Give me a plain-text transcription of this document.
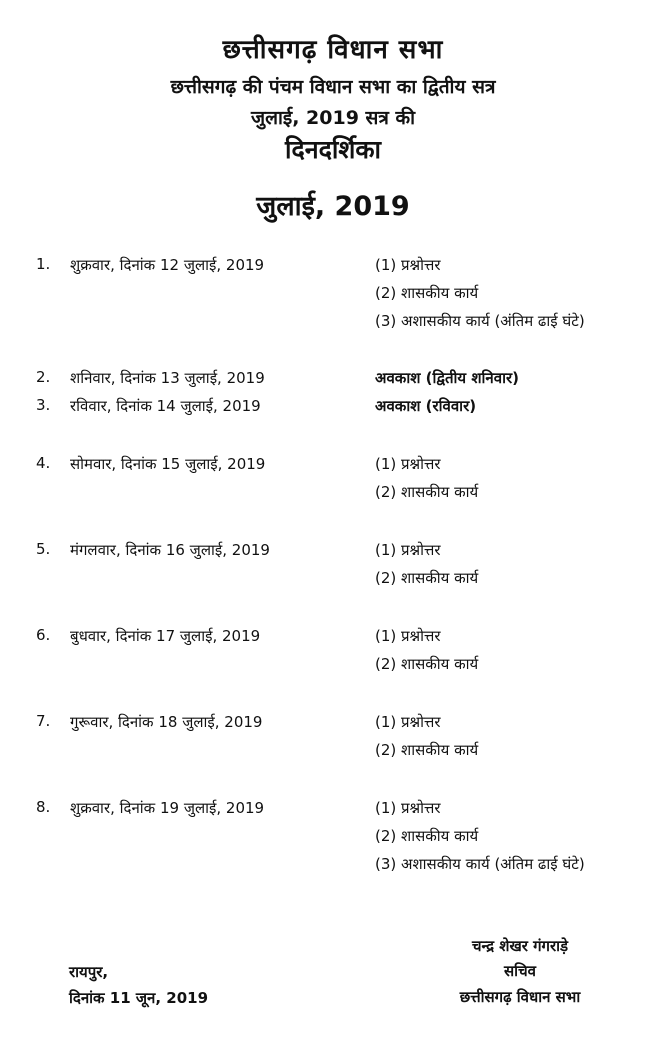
छत्तीसगढ़ विधान सभा
छत्तीसगढ़ की पंचम विधान सभा का द्वितीय सत्र
जुलाई, 2019 सत्र की
दिनदर्शिका
जुलाई, 2019
1. शुक्रवार, दिनांक 12 जुलाई, 2019	(1) प्रश्नोत्तर
(2) शासकीय कार्य
(3) अशासकीय कार्य (अंतिम ढाई घंटे)
2. शनिवार, दिनांक 13 जुलाई, 2019	अवकाश (द्वितीय शनिवार)
3. रविवार, दिनांक 14 जुलाई, 2019	अवकाश (रविवार)
4. सोमवार, दिनांक 15 जुलाई, 2019	(1) प्रश्नोत्तर
(2) शासकीय कार्य
5. मंगलवार, दिनांक 16 जुलाई, 2019	(1) प्रश्नोत्तर
(2) शासकीय कार्य
6. बुधवार, दिनांक 17 जुलाई, 2019	(1) प्रश्नोत्तर
(2) शासकीय कार्य
7. गुरूवार, दिनांक 18 जुलाई, 2019	(1) प्रश्नोत्तर
(2) शासकीय कार्य
8. शुक्रवार, दिनांक 19 जुलाई, 2019	(1) प्रश्नोत्तर
(2) शासकीय कार्य
(3) अशासकीय कार्य (अंतिम ढाई घंटे)
रायपुर,
दिनांक 11 जून, 2019
चन्द्र शेखर गंगराड़े
सचिव
छत्तीसगढ़ विधान सभा
